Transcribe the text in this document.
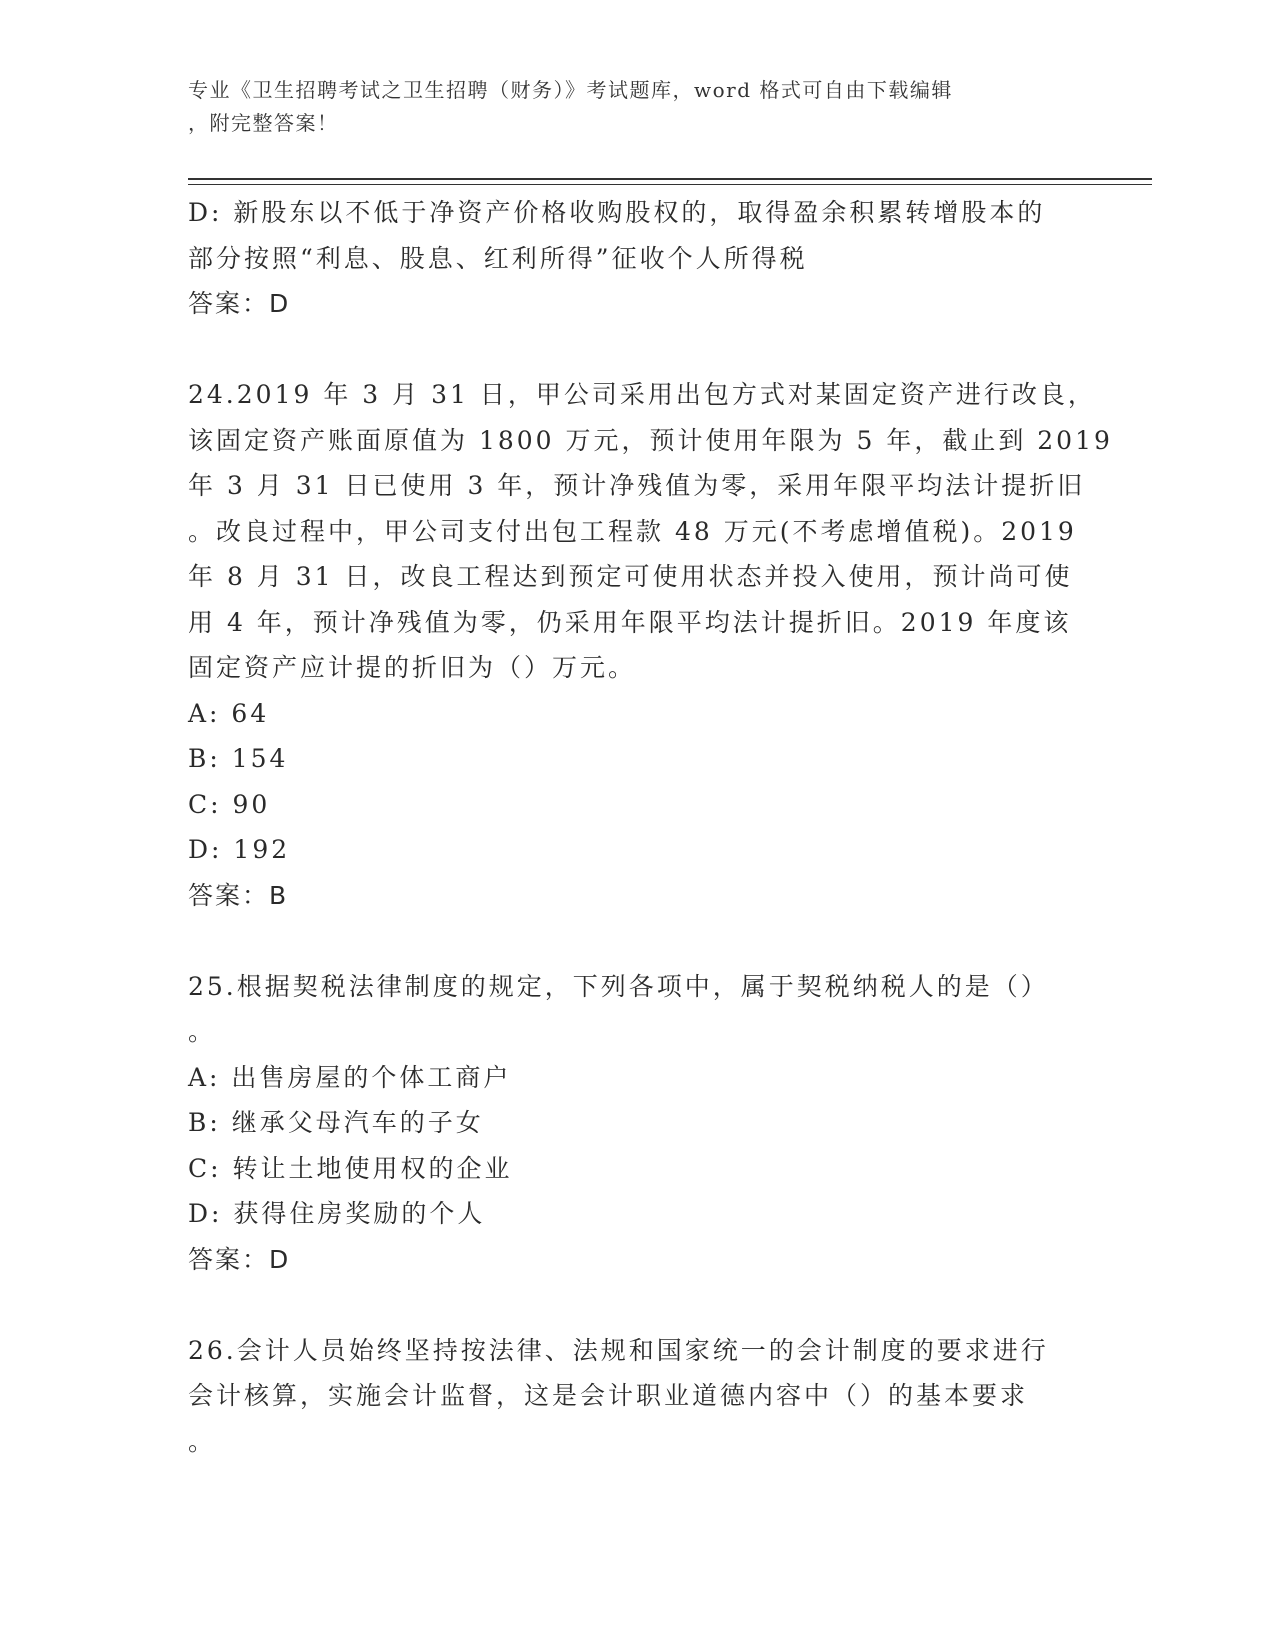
专业《卫生招聘考试之卫生招聘（财务）》考试题库，word 格式可自由下载编辑
，附完整答案！
D: 新股东以不低于净资产价格收购股权的，取得盈余积累转增股本的
部分按照“利息、股息、红利所得”征收个人所得税
答案：D
24.2019 年 3 月 31 日，甲公司采用出包方式对某固定资产进行改良，
该固定资产账面原值为 1800 万元，预计使用年限为 5 年，截止到 2019
年 3 月 31 日已使用 3 年，预计净残值为零，采用年限平均法计提折旧
。改良过程中，甲公司支付出包工程款 48 万元(不考虑增值税)。2019
年 8 月 31 日，改良工程达到预定可使用状态并投入使用，预计尚可使
用 4 年，预计净残值为零，仍采用年限平均法计提折旧。2019 年度该
固定资产应计提的折旧为（）万元。
A: 64
B: 154
C: 90
D: 192
答案：B
25.根据契税法律制度的规定，下列各项中，属于契税纳税人的是（）
。
A: 出售房屋的个体工商户
B: 继承父母汽车的子女
C: 转让土地使用权的企业
D: 获得住房奖励的个人
答案：D
26.会计人员始终坚持按法律、法规和国家统一的会计制度的要求进行
会计核算，实施会计监督，这是会计职业道德内容中（）的基本要求
。
